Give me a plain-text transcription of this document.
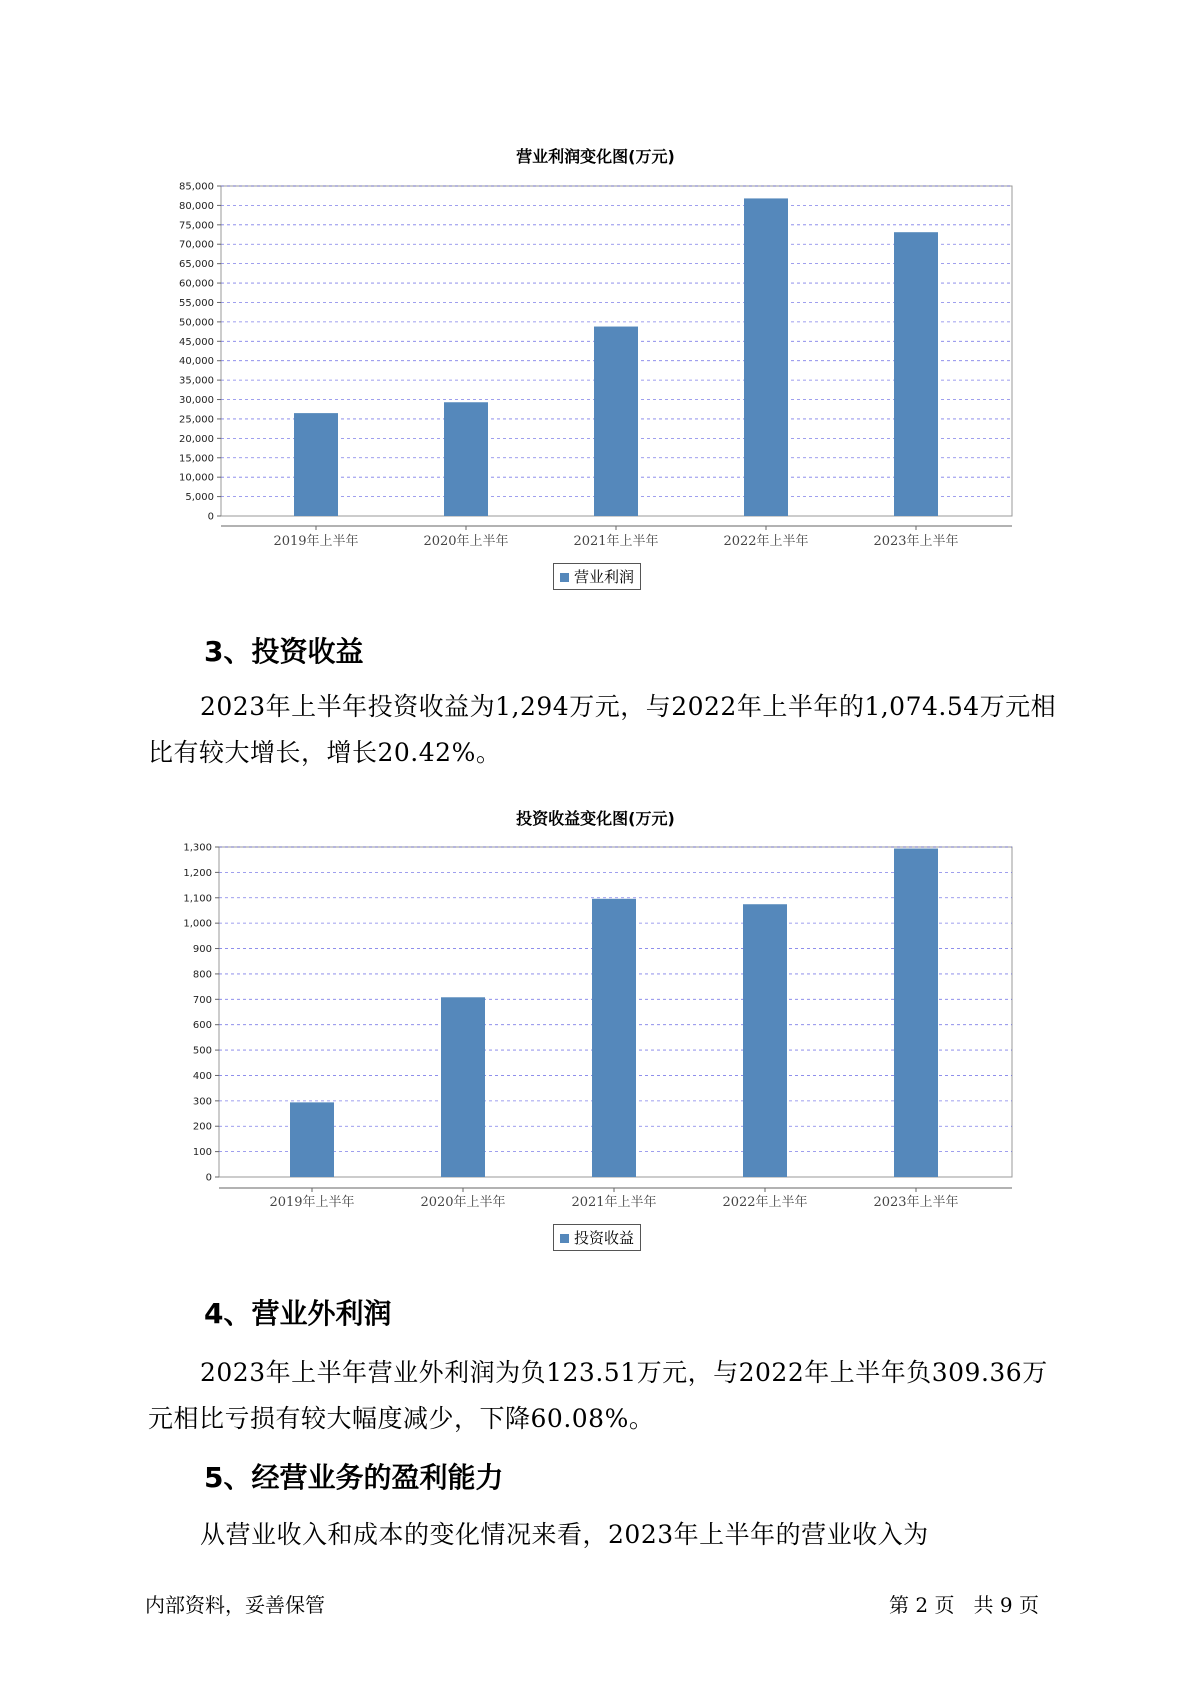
营业利润变化图(万元)
0
5,000
10,000
15,000
20,000
25,000
30,000
35,000
40,000
45,000
50,000
55,000
60,000
65,000
70,000
75,000
80,000
85,000
2019年上半年	2020年上半年	2021年上半年	2022年上半年	2023年上半年
营业利润
3、投资收益
2023年上半年投资收益为1,294万元，与2022年上半年的1,074.54万元相比有较大增长，增长20.42%。
投资收益变化图(万元)
0
100
200
300
400
500
600
700
800
900
1,000
1,100
1,200
1,300
2019年上半年	2020年上半年	2021年上半年	2022年上半年	2023年上半年
投资收益
4、营业外利润
2023年上半年营业外利润为负123.51万元，与2022年上半年负309.36万元相比亏损有较大幅度减少，下降60.08%。
5、经营业务的盈利能力
从营业收入和成本的变化情况来看，2023年上半年的营业收入为
内部资料，妥善保管	第 2 页   共 9 页
